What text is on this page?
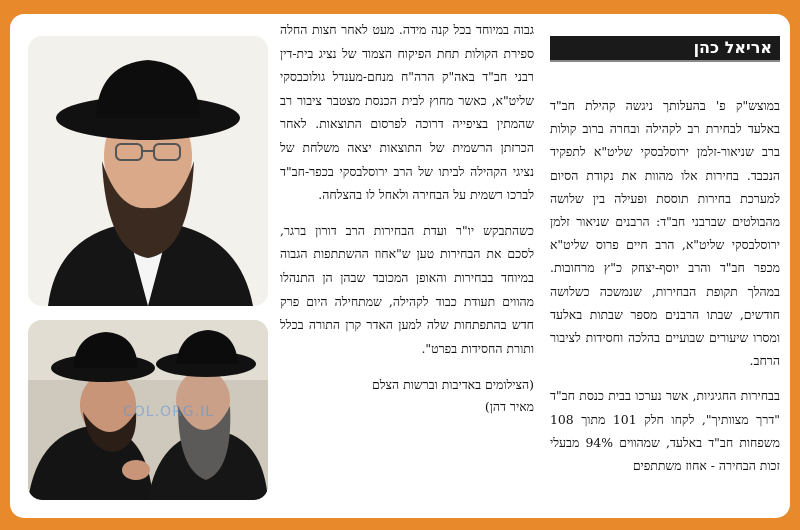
אריאל כהן

במוצש"ק פ' בהעלותך ניגשה קהילת חב"ד באלעד לבחירת רב לקהילה ובחרה ברוב קולות ברב שניאור-זלמן ירוסלבסקי שליט"א לתפקיד הנכבד. בחירות אלו מהוות את נקודת הסיום למערכת בחירות תוססת ופעילה בין שלושה מהבולטים שברבני חב"ד: הרבנים שניאור זלמן ירוסלבסקי שליט"א, הרב חיים פרוס שליט"א מכפר חב"ד והרב יוסף-יצחק כ"ץ מרחובות. במהלך תקופת הבחירות, שנמשכה כשלושה חודשים, שבתו הרבנים מספר שבתות באלעד ומסרו שיעורים שבועיים בהלכה וחסידות לציבור הרחב.

בבחירות החגיגיות, אשר נערכו בבית כנסת חב"ד "דרך מצוותיך", לקחו חלק 101 מתוך 108 משפחות חב"ד באלעד, שמהווים 94% מבעלי זכות הבחירה - אחוז משתתפים

גבוה במיוחד בכל קנה מידה. מעט לאחר חצות החלה ספירת הקולות תחת הפיקוח הצמוד של נציג בית-דין רבני חב"ד באה"ק הרה"ח מנחם-מענדל גולוכבסקי שליט"א, כאשר מחוץ לבית הכנסת מצטבר ציבור רב שהמתין בציפייה דרוכה לפרסום התוצאות. לאחר הכרזתן הרשמית של התוצאות יצאה משלחת של נציגי הקהילה לביתו של הרב ירוסלבסקי בכפר-חב"ד לברכו רשמית על הבחירה ולאחל לו בהצלחה.

כשהתבקש יו"ר ועדת הבחירות הרב דורון ברגר, לסכם את הבחירות טען ש"אחוז ההשתתפות הגבוה במיוחד בבחירות והאופן המכובד שבהן הן התנהלו מהווים תעודת כבוד לקהילה, שמתחילה היום פרק חדש בהתפתחות שלה למען האדר קרן התורה בכלל ותורת החסידות בפרט".

(הצילומים באדיבות וברשות הצלם
מאיר דהן)

COL.ORG.IL
